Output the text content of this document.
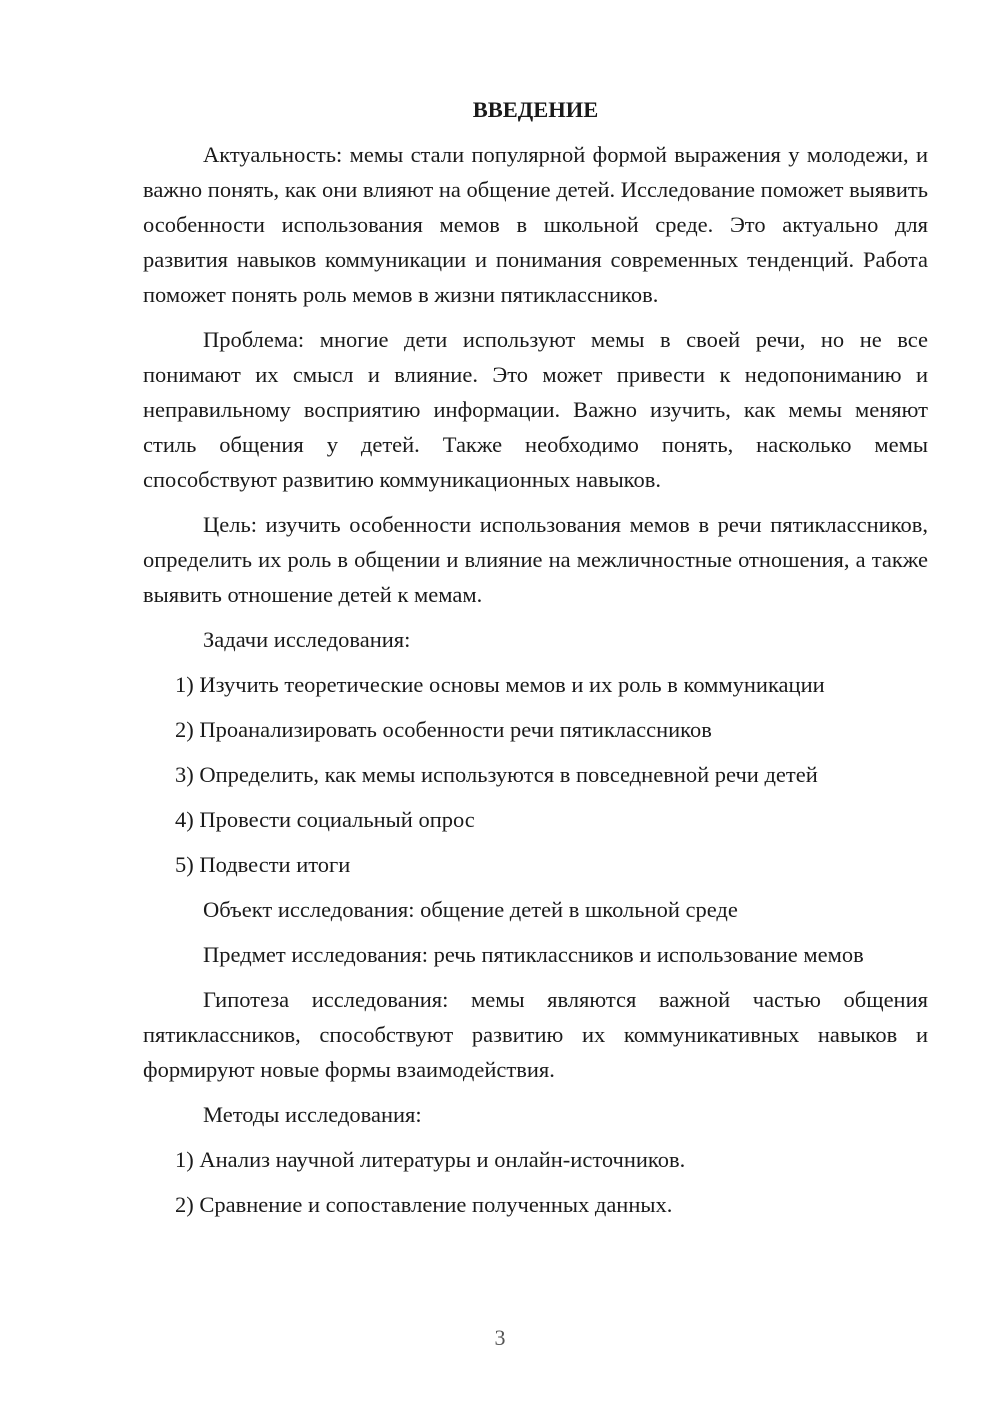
ВВЕДЕНИЕ

Актуальность: мемы стали популярной формой выражения у молодежи, и важно понять, как они влияют на общение детей. Исследование поможет выявить особенности использования мемов в школьной среде. Это актуально для развития навыков коммуникации и понимания современных тенденций. Работа поможет понять роль мемов в жизни пятиклассников.

Проблема: многие дети используют мемы в своей речи, но не все понимают их смысл и влияние. Это может привести к недопониманию и неправильному восприятию информации. Важно изучить, как мемы меняют стиль общения у детей. Также необходимо понять, насколько мемы способствуют развитию коммуникационных навыков.

Цель: изучить особенности использования мемов в речи пятиклассников, определить их роль в общении и влияние на межличностные отношения, а также выявить отношение детей к мемам.

Задачи исследования:

1) Изучить теоретические основы мемов и их роль в коммуникации
2) Проанализировать особенности речи пятиклассников
3) Определить, как мемы используются в повседневной речи детей
4) Провести социальный опрос
5) Подвести итоги

Объект исследования: общение детей в школьной среде

Предмет исследования: речь пятиклассников и использование мемов

Гипотеза исследования: мемы являются важной частью общения пятиклассников, способствуют развитию их коммуникативных навыков и формируют новые формы взаимодействия.

Методы исследования:

1) Анализ научной литературы и онлайн-источников.
2) Сравнение и сопоставление полученных данных.
3
